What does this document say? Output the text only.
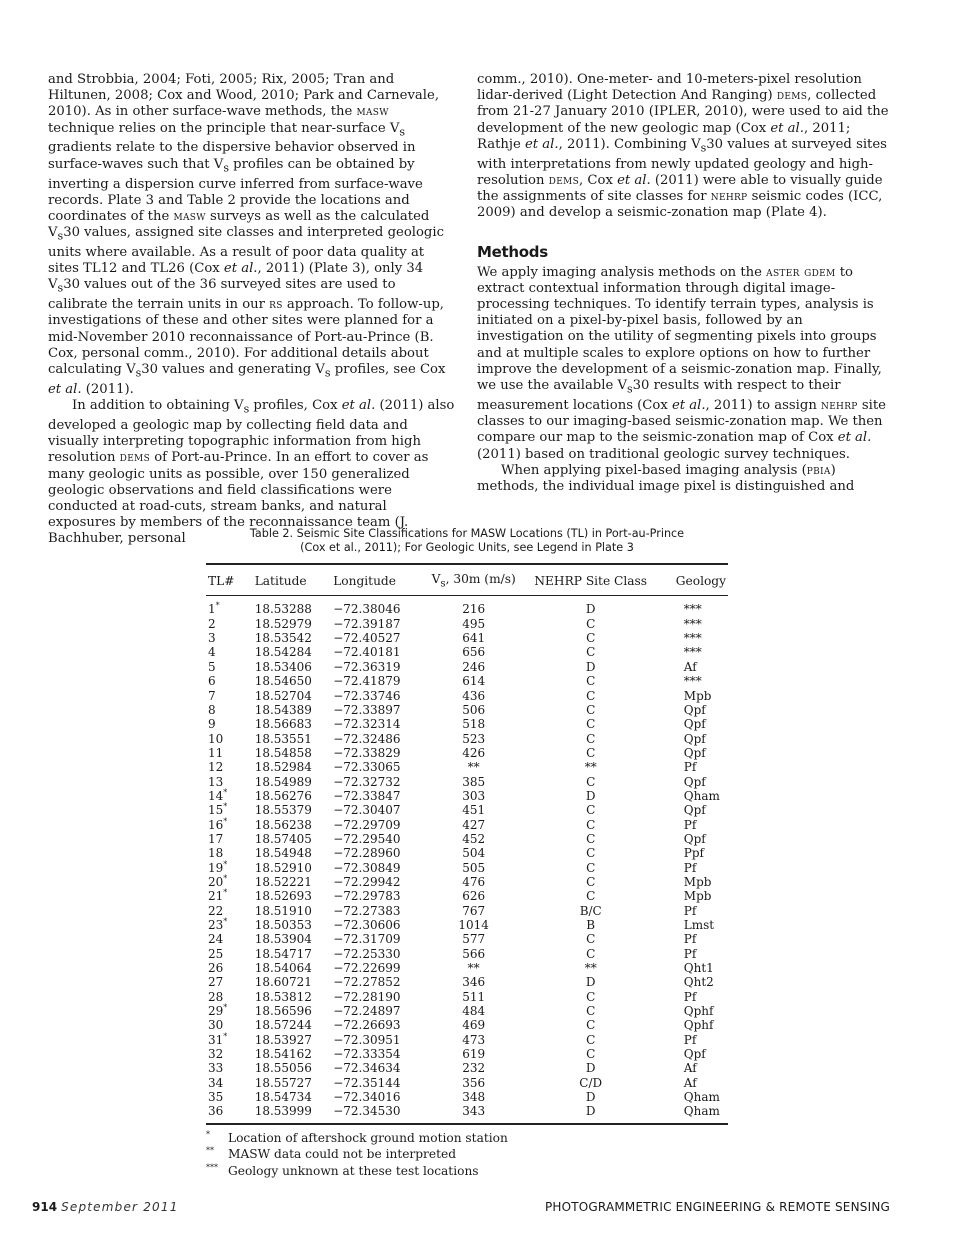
and Strobbia, 2004; Foti, 2005; Rix, 2005; Tran and Hiltunen, 2008; Cox and Wood, 2010; Park and Carnevale, 2010). As in other surface-wave methods, the masw technique relies on the principle that near-surface $V_s$ gradients relate to the dispersive behavior observed in surface-waves such that $V_s$ profiles can be obtained by inverting a dispersion curve inferred from surface-wave records. Plate 3 and Table 2 provide the locations and coordinates of the masw surveys as well as the calculated $V_s30$ values, assigned site classes and interpreted geologic units where available. As a result of poor data quality at sites TL12 and TL26 (Cox et al., 2011) (Plate 3), only 34 $V_s30$ values out of the 36 surveyed sites are used to calibrate the terrain units in our rs approach. To follow-up, investigations of these and other sites were planned for a mid-November 2010 reconnaissance of Port-au-Prince (B. Cox, personal comm., 2010). For additional details about calculating $V_s30$ values and generating $V_s$ profiles, see Cox et al. (2011).

In addition to obtaining $V_s$ profiles, Cox et al. (2011) also developed a geologic map by collecting field data and visually interpreting topographic information from high resolution dems of Port-au-Prince. In an effort to cover as many geologic units as possible, over 150 generalized geologic observations and field classifications were conducted at road-cuts, stream banks, and natural exposures by members of the reconnaissance team (J. Bachhuber, personal

comm., 2010). One-meter- and 10-meters-pixel resolution lidar-derived (Light Detection And Ranging) dems, collected from 21-27 January 2010 (IPLER, 2010), were used to aid the development of the new geologic map (Cox et al., 2011; Rathje et al., 2011). Combining $V_s30$ values at surveyed sites with interpretations from newly updated geology and high-resolution dems, Cox et al. (2011) were able to visually guide the assignments of site classes for nehrp seismic codes (ICC, 2009) and develop a seismic-zonation map (Plate 4).

Methods

We apply imaging analysis methods on the aster gdem to extract contextual information through digital image-processing techniques. To identify terrain types, analysis is initiated on a pixel-by-pixel basis, followed by an investigation on the utility of segmenting pixels into groups and at multiple scales to explore options on how to further improve the development of a seismic-zonation map. Finally, we use the available $V_s30$ results with respect to their measurement locations (Cox et al., 2011) to assign nehrp site classes to our imaging-based seismic-zonation map. We then compare our map to the seismic-zonation map of Cox et al. (2011) based on traditional geologic survey techniques.

When applying pixel-based imaging analysis (pbia) methods, the individual image pixel is distinguished and

Table 2. Seismic Site Classifications for MASW Locations (TL) in Port-au-Prince
(Cox et al., 2011); For Geologic Units, see Legend in Plate 3
TL#	Latitude	Longitude	$V_s$, 30m (m/s)	NEHRP Site Class	Geology
1*	18.53288	−72.38046	216	D	***
2	18.52979	−72.39187	495	C	***
3	18.53542	−72.40527	641	C	***
4	18.54284	−72.40181	656	C	***
5	18.53406	−72.36319	246	D	Af
6	18.54650	−72.41879	614	C	***
7	18.52704	−72.33746	436	C	Mpb
8	18.54389	−72.33897	506	C	Qpf
9	18.56683	−72.32314	518	C	Qpf
10	18.53551	−72.32486	523	C	Qpf
11	18.54858	−72.33829	426	C	Qpf
12	18.52984	−72.33065	**	**	Pf
13	18.54989	−72.32732	385	C	Qpf
14*	18.56276	−72.33847	303	D	Qham
15*	18.55379	−72.30407	451	C	Qpf
16*	18.56238	−72.29709	427	C	Pf
17	18.57405	−72.29540	452	C	Qpf
18	18.54948	−72.28960	504	C	Ppf
19*	18.52910	−72.30849	505	C	Pf
20*	18.52221	−72.29942	476	C	Mpb
21*	18.52693	−72.29783	626	C	Mpb
22	18.51910	−72.27383	767	B/C	Pf
23*	18.50353	−72.30606	1014	B	Lmst
24	18.53904	−72.31709	577	C	Pf
25	18.54717	−72.25330	566	C	Pf
26	18.54064	−72.22699	**	**	Qht1
27	18.60721	−72.27852	346	D	Qht2
28	18.53812	−72.28190	511	C	Pf
29*	18.56596	−72.24897	484	C	Qphf
30	18.57244	−72.26693	469	C	Qphf
31*	18.53927	−72.30951	473	C	Pf
32	18.54162	−72.33354	619	C	Qpf
33	18.55056	−72.34634	232	D	Af
34	18.55727	−72.35144	356	C/D	Af
35	18.54734	−72.34016	348	D	Qham
36	18.53999	−72.34530	343	D	Qham
*	Location of aftershock ground motion station
**	MASW data could not be interpreted
*** Geology unknown at these test locations
914 September 2011	PHOTOGRAMMETRIC ENGINEERING & REMOTE SENSING
